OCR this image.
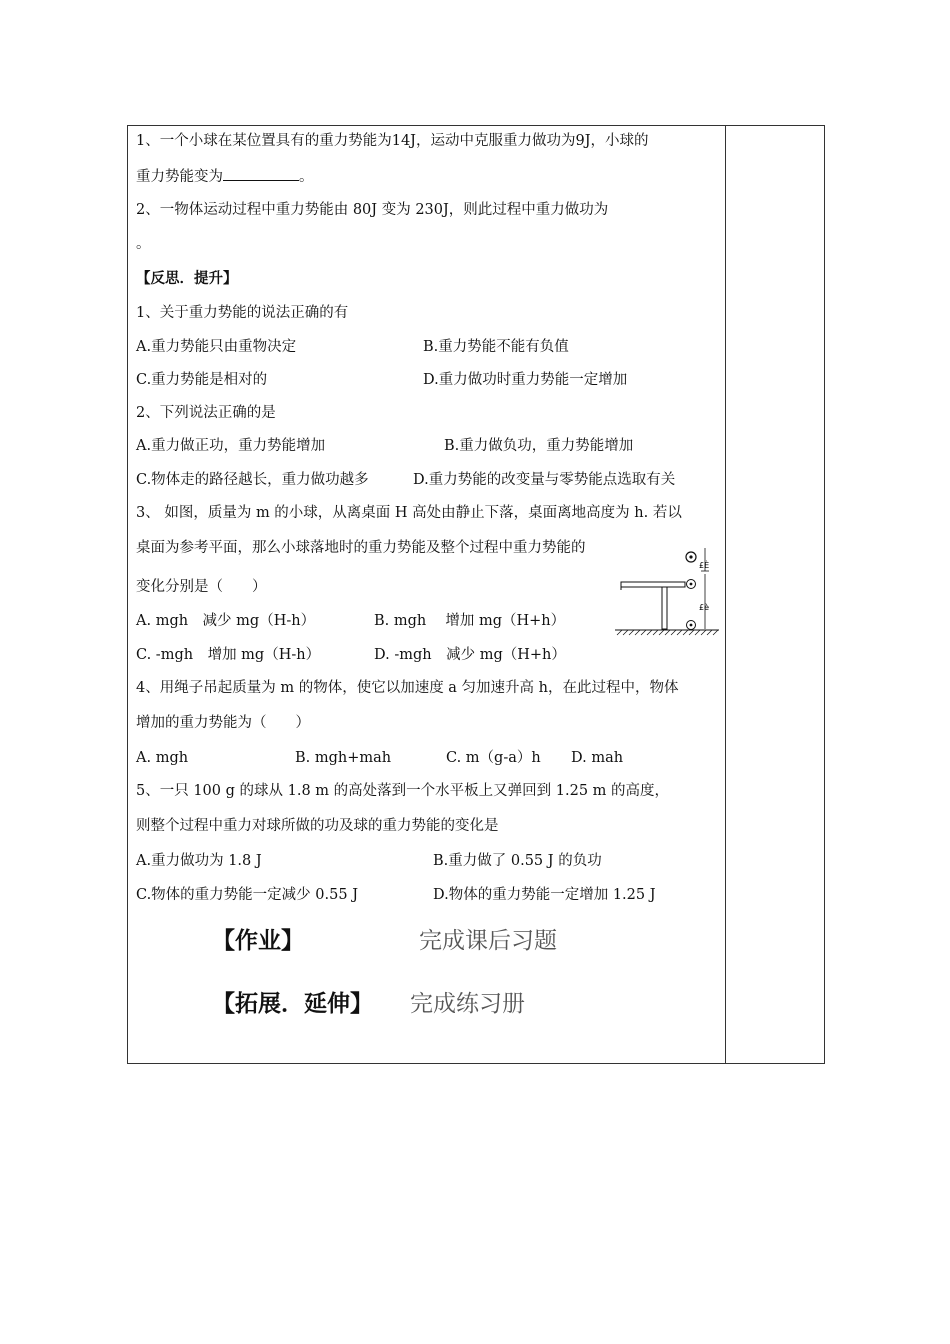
1、一个小球在某位置具有的重力势能为14J，运动中克服重力做功为9J，小球的
重力势能变为	。
2、一物体运动过程中重力势能由 80J 变为 230J，则此过程中重力做功为
。
【反思．提升】
1、关于重力势能的说法正确的有
A.重力势能只由重物决定	B.重力势能不能有负值
C.重力势能是相对的	D.重力做功时重力势能一定增加
2、下列说法正确的是
A.重力做正功，重力势能增加	B.重力做负功，重力势能增加
C.物体走的路径越长，重力做功越多	D.重力势能的改变量与零势能点选取有关
3、 如图，质量为 m 的小球，从离桌面 H 高处由静止下落，桌面离地高度为 h. 若以
桌面为参考平面，那么小球落地时的重力势能及整个过程中重力势能的
变化分别是（　　）
A. mgh　减少 mg（H-h）	B. mgh　 增加 mg（H+h）
C. -mgh　增加 mg（H-h）	D. -mgh　减少 mg（H+h）
£È
£è
4、用绳子吊起质量为 m 的物体，使它以加速度 a 匀加速升高 h，在此过程中，物体
增加的重力势能为（　　）
A. mgh	B. mgh+mah	C. m（g-a）h D. mah
5、一只 100 g 的球从 1.8 m 的高处落到一个水平板上又弹回到 1.25 m 的高度，
则整个过程中重力对球所做的功及球的重力势能的变化是
A.重力做功为 1.8 J	B.重力做了 0.55 J 的负功
C.物体的重力势能一定减少 0.55 J	D.物体的重力势能一定增加 1.25 J
【作业】	完成课后习题
【拓展．延伸】 完成练习册
